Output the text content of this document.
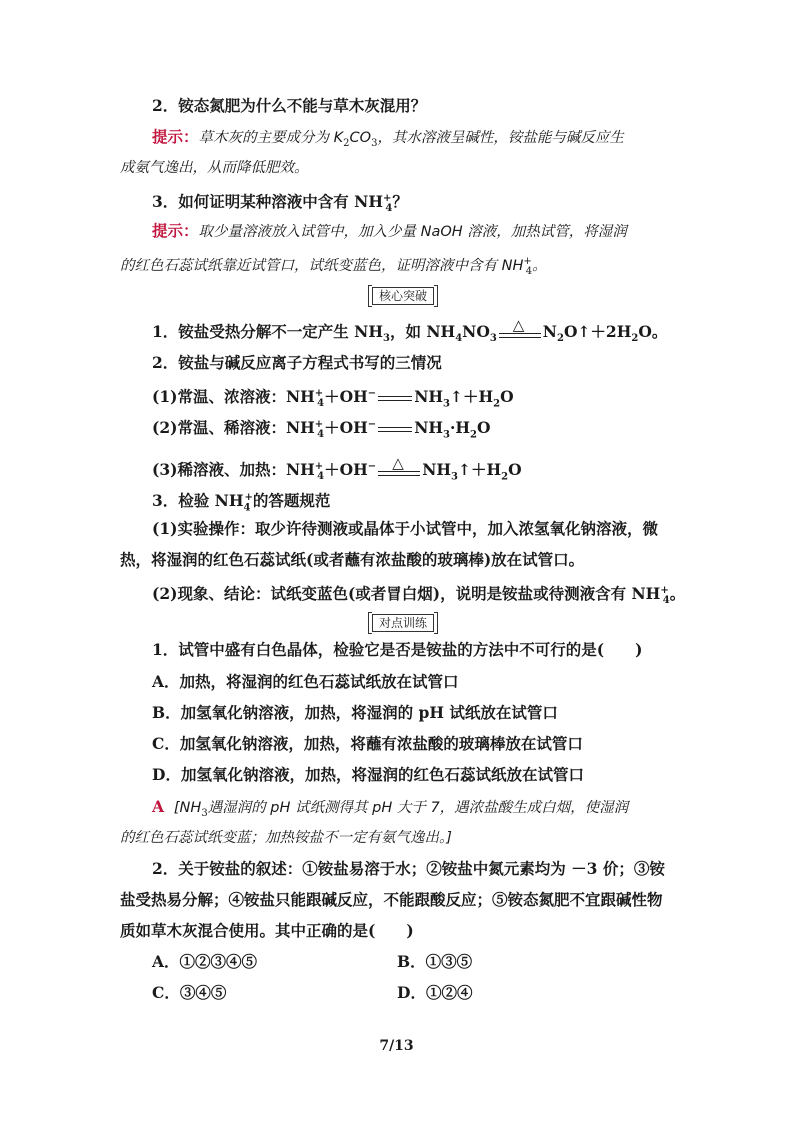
2．铵态氮肥为什么不能与草木灰混用？
提示：草木灰的主要成分为 $K_2CO_3$，其水溶液呈碱性，铵盐能与碱反应生
成氨气逸出，从而降低肥效。
3．如何证明某种溶液中含有 $NH^+_4$？
提示：取少量溶液放入试管中，加入少量 NaOH 溶液，加热试管，将湿润
的红色石蕊试纸靠近试管口，试纸变蓝色，证明溶液中含有 $NH^+_4$。
核心突破
1．铵盐受热分解不一定产生 $NH_3$，如 $NH_4NO_3$
△ $N_2O↑+2H_2O$。
2．铵盐与碱反应离子方程式书写的三情况
(1)常温、浓溶液：$NH^+_4+OH^-$ $NH_3↑+H_2O$
(2)常温、稀溶液：$NH^+_4+OH^-$ $NH_3\cdot H_2O$
(3)稀溶液、加热：$NH^+_4+OH^-$ △ $NH_3↑+H_2O$
3．检验 $NH_4^+$的答题规范
(1)实验操作：取少许待测液或晶体于小试管中，加入浓氢氧化钠溶液，微
热，将湿润的红色石蕊试纸(或者蘸有浓盐酸的玻璃棒)放在试管口。
(2)现象、结论：试纸变蓝色(或者冒白烟)，说明是铵盐或待测液含有 $NH^+_4$。
对点训练
1．试管中盛有白色晶体，检验它是否是铵盐的方法中不可行的是(　　)
A．加热，将湿润的红色石蕊试纸放在试管口
B．加氢氧化钠溶液，加热，将湿润的 pH 试纸放在试管口
C．加氢氧化钠溶液，加热，将蘸有浓盐酸的玻璃棒放在试管口
D．加氢氧化钠溶液，加热，将湿润的红色石蕊试纸放在试管口
A [$NH_3$遇湿润的 pH 试纸测得其 pH 大于 7，遇浓盐酸生成白烟，使湿润
的红色石蕊试纸变蓝；加热铵盐不一定有氨气逸出。]
2．关于铵盐的叙述：①铵盐易溶于水；②铵盐中氮元素均为 －3 价；③铵
盐受热易分解；④铵盐只能跟碱反应，不能跟酸反应；⑤铵态氮肥不宜跟碱性物
质如草木灰混合使用。其中正确的是(　　)
A．①②③④⑤	B．①③⑤
C．③④⑤	D．①②④
7/13
